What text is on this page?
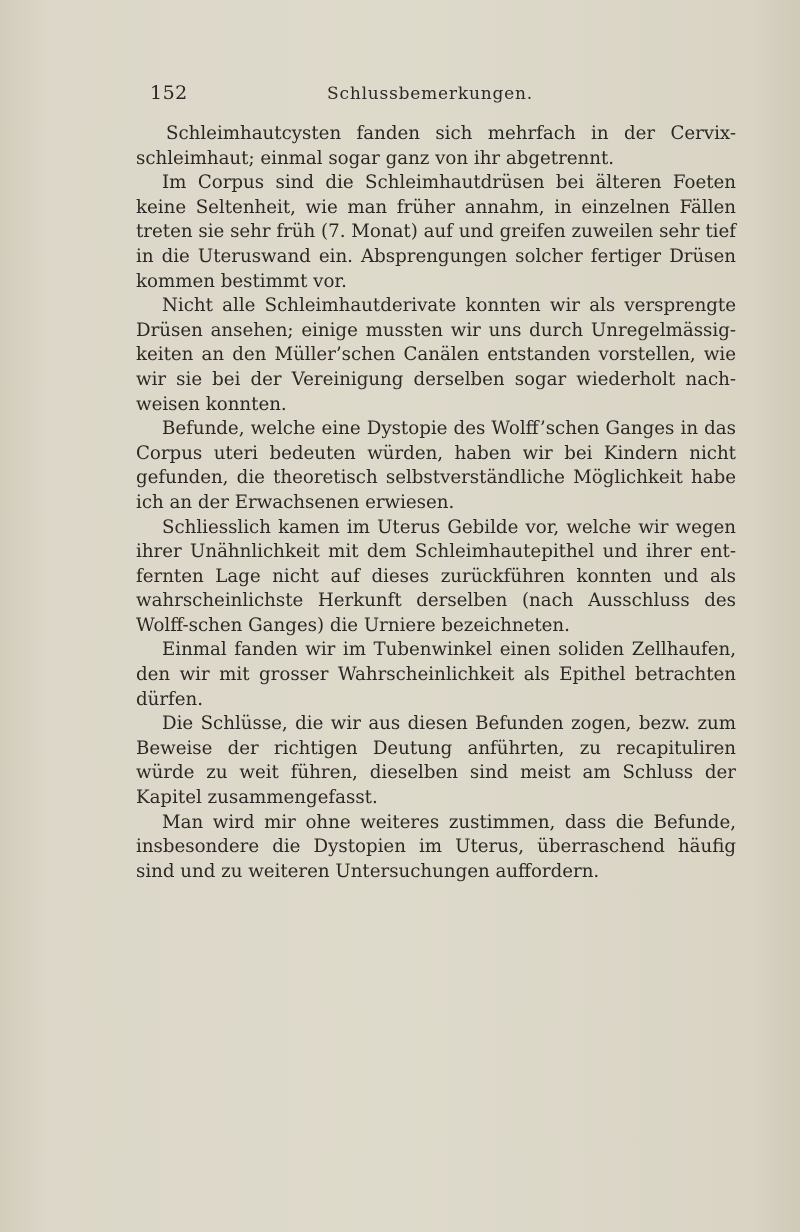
152	Schlussbemerkungen.

Schleimhautcysten fanden sich mehrfach in der Cervix-schleimhaut; einmal sogar ganz von ihr abgetrennt.

Im Corpus sind die Schleimhautdrüsen bei älteren Foeten keine Seltenheit, wie man früher annahm, in einzelnen Fällen treten sie sehr früh (7. Monat) auf und greifen zuweilen sehr tief in die Uteruswand ein. Absprengungen solcher fertiger Drüsen kommen bestimmt vor.

Nicht alle Schleimhautderivate konnten wir als versprengte Drüsen ansehen; einige mussten wir uns durch Unregelmässig-keiten an den Müller’schen Canälen entstanden vorstellen, wie wir sie bei der Vereinigung derselben sogar wiederholt nach-weisen konnten.

Befunde, welche eine Dystopie des Wolff’schen Ganges in das Corpus uteri bedeuten würden, haben wir bei Kindern nicht gefunden, die theoretisch selbstverständliche Möglichkeit habe ich an der Erwachsenen erwiesen.

Schliesslich kamen im Uterus Gebilde vor, welche wir wegen ihrer Unähnlichkeit mit dem Schleimhautepithel und ihrer ent-fernten Lage nicht auf dieses zurückführen konnten und als wahrscheinlichste Herkunft derselben (nach Ausschluss des Wolff-schen Ganges) die Urniere bezeichneten.

Einmal fanden wir im Tubenwinkel einen soliden Zellhaufen, den wir mit grosser Wahrscheinlichkeit als Epithel betrachten dürfen.

Die Schlüsse, die wir aus diesen Befunden zogen, bezw. zum Beweise der richtigen Deutung anführten, zu recapituliren würde zu weit führen, dieselben sind meist am Schluss der Kapitel zusammengefasst.

Man wird mir ohne weiteres zustimmen, dass die Befunde, insbesondere die Dystopien im Uterus, überraschend häufig sind und zu weiteren Untersuchungen auffordern.
